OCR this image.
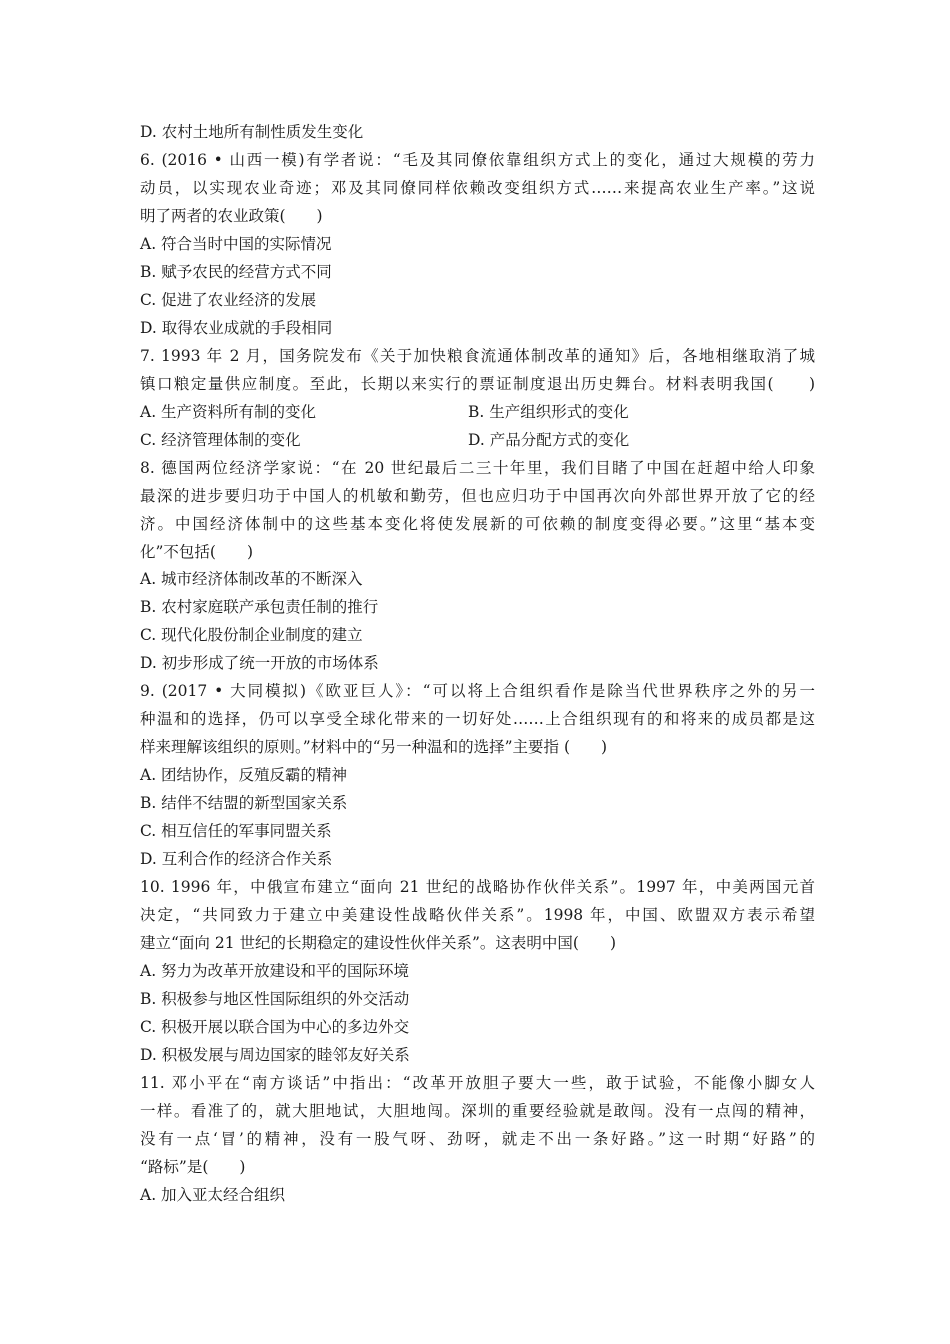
D. 农村土地所有制性质发生变化
6. (2016 • 山西一模)有学者说：“毛及其同僚依靠组织方式上的变化，通过大规模的劳力
动员，以实现农业奇迹；邓及其同僚同样依赖改变组织方式……来提高农业生产率。”这说
明了两者的农业政策(　　)
A. 符合当时中国的实际情况
B. 赋予农民的经营方式不同
C. 促进了农业经济的发展
D. 取得农业成就的手段相同
7. 1993 年 2 月，国务院发布《关于加快粮食流通体制改革的通知》后，各地相继取消了城
镇口粮定量供应制度。至此，长期以来实行的票证制度退出历史舞台。材料表明我国(　　)
A. 生产资料所有制的变化	B. 生产组织形式的变化
C. 经济管理体制的变化	D. 产品分配方式的变化
8. 德国两位经济学家说：“在 20 世纪最后二三十年里，我们目睹了中国在赶超中给人印象
最深的进步要归功于中国人的机敏和勤劳，但也应归功于中国再次向外部世界开放了它的经
济。中国经济体制中的这些基本变化将使发展新的可依赖的制度变得必要。”这里“基本变
化”不包括(　　)
A. 城市经济体制改革的不断深入
B. 农村家庭联产承包责任制的推行
C. 现代化股份制企业制度的建立
D. 初步形成了统一开放的市场体系
9. (2017 • 大同模拟)《欧亚巨人》：“可以将上合组织看作是除当代世界秩序之外的另一
种温和的选择，仍可以享受全球化带来的一切好处……上合组织现有的和将来的成员都是这
样来理解该组织的原则。”材料中的“另一种温和的选择”主要指 (　　)
A. 团结协作，反殖反霸的精神
B. 结伴不结盟的新型国家关系
C. 相互信任的军事同盟关系
D. 互利合作的经济合作关系
10. 1996 年，中俄宣布建立“面向 21 世纪的战略协作伙伴关系”。1997 年，中美两国元首
决定，“共同致力于建立中美建设性战略伙伴关系”。1998 年，中国、欧盟双方表示希望
建立“面向 21 世纪的长期稳定的建设性伙伴关系”。这表明中国(　　)
A. 努力为改革开放建设和平的国际环境
B. 积极参与地区性国际组织的外交活动
C. 积极开展以联合国为中心的多边外交
D. 积极发展与周边国家的睦邻友好关系
11. 邓小平在“南方谈话”中指出：“改革开放胆子要大一些，敢于试验，不能像小脚女人
一样。看准了的，就大胆地试，大胆地闯。深圳的重要经验就是敢闯。没有一点闯的精神，
没有一点‘冒’的精神，没有一股气呀、劲呀，就走不出一条好路。”这一时期“好路”的
“路标”是(　　)
A. 加入亚太经合组织
